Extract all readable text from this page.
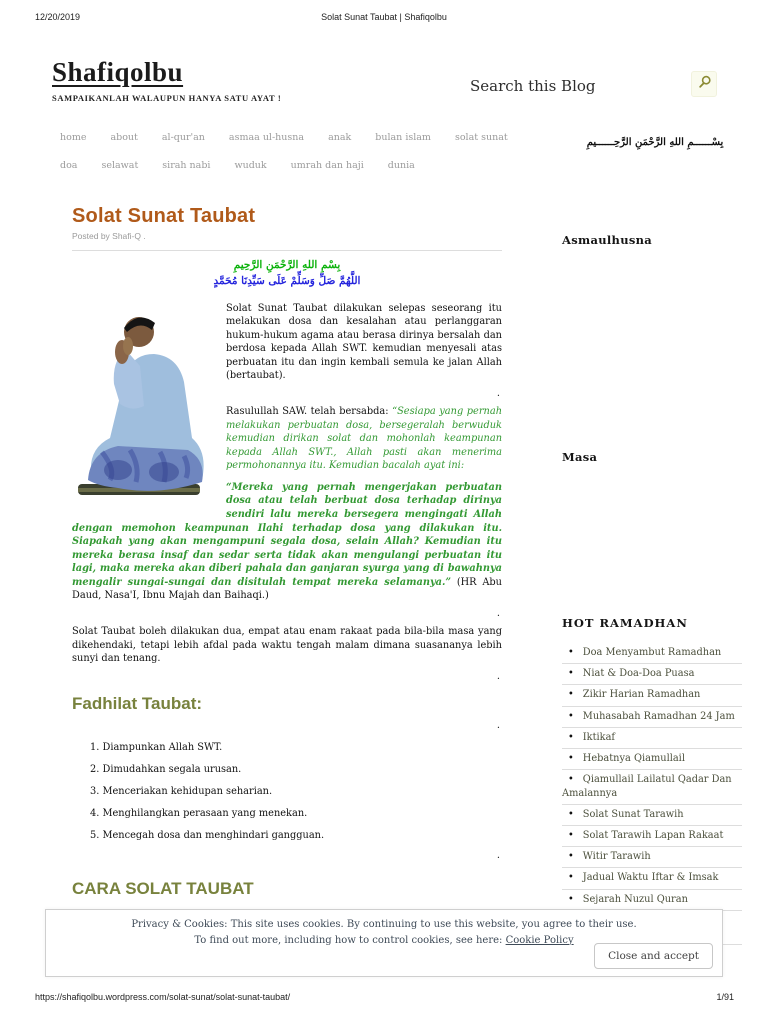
12/20/2019	Solat Sunat Taubat | Shafiqolbu
Shafiqolbu
SAMPAIKANLAH WALAUPUN HANYA SATU AYAT !
Search this Blog
home	about	al-qur'an	asmaa ul-husna	anak	bulan islam	solat sunat
doa	selawat	sirah nabi	wuduk	umrah dan haji	dunia
بِسْــــــمِ اللهِ الرَّحْمَنِ الرَّحِــــــيمِ
Solat Sunat Taubat
Posted by Shafi-Q .
بِسْمِ اللهِ الرَّحْمَنِ الرَّحِيمِ
اللَّهُمَّ صَلِّ وَسَلِّمْ عَلَى سَيِّدِنَا مُحَمَّدٍ

Solat Sunat Taubat dilakukan selepas seseorang itu melakukan dosa dan kesalahan atau perlanggaran hukum-hukum agama atau berasa dirinya bersalah dan berdosa kepada Allah SWT. kemudian menyesali atas perbuatan itu dan ingin kembali semula ke jalan Allah (bertaubat).

.

Rasulullah SAW. telah bersabda: “Sesiapa yang pernah melakukan perbuatan dosa, bersegeralah berwuduk kemudian dirikan solat dan mohonlah keampunan kepada Allah SWT., Allah pasti akan menerima permohonannya itu. Kemudian bacalah ayat ini:

“Mereka yang pernah mengerjakan perbuatan dosa atau telah berbuat dosa terhadap dirinya sendiri lalu mereka bersegera mengingati Allah dengan memohon keampunan Ilahi terhadap dosa yang dilakukan itu. Siapakah yang akan mengampuni segala dosa, selain Allah? Kemudian itu mereka berasa insaf dan sedar serta tidak akan mengulangi perbuatan itu lagi, maka mereka akan diberi pahala dan ganjaran syurga yang di bawahnya mengalir sungai-sungai dan disitulah tempat mereka selamanya.” (HR Abu Daud, Nasa'I, Ibnu Majah dan Baihaqi.)

.

Solat Taubat boleh dilakukan dua, empat atau enam rakaat pada bila-bila masa yang dikehendaki, tetapi lebih afdal pada waktu tengah malam dimana suasananya lebih sunyi dan tenang.

.
Fadhilat Taubat:
.
1. Diampunkan Allah SWT.
2. Dimudahkan segala urusan.
3. Menceriakan kehidupan seharian.
4. Menghilangkan perasaan yang menekan.
5. Mencegah dosa dan menghindari gangguan.
.
CARA SOLAT TAUBAT
Asmaulhusna
Masa
HOT RAMADHAN
• Doa Menyambut Ramadhan
• Niat & Doa-Doa Puasa
• Zikir Harian Ramadhan
• Muhasabah Ramadhan 24 Jam
• Iktikaf
• Hebatnya Qiamullail
• Qiamullail Lailatul Qadar Dan Amalannya
• Solat Sunat Tarawih
• Solat Tarawih Lapan Rakaat
• Witir Tarawih
• Jadual Waktu Iftar & Imsak
• Sejarah Nuzul Quran
•
Privacy & Cookies: This site uses cookies. By continuing to use this website, you agree to their use.
To find out more, including how to control cookies, see here: Cookie Policy
Close and accept
https://shafiqolbu.wordpress.com/solat-sunat/solat-sunat-taubat/	1/91
